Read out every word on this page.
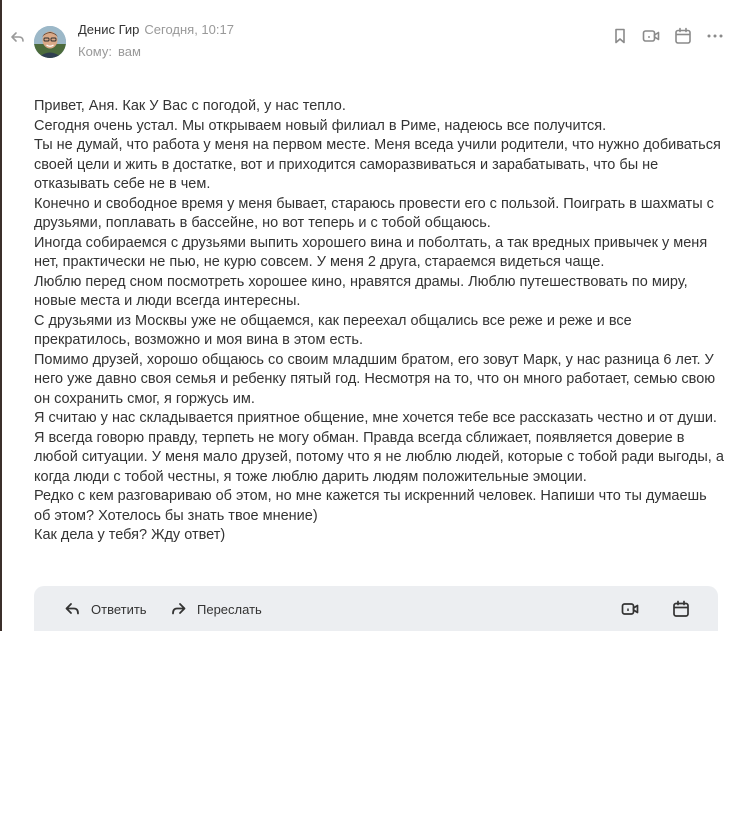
Денис Гир Сегодня, 10:17
Кому: вам

Привет, Аня. Как У Вас с погодой, у нас тепло.

Сегодня очень устал. Мы открываем новый филиал в Риме, надеюсь все получится.

Ты не думай, что работа у меня на первом месте. Меня вседа учили родители, что нужно добиваться своей цели и жить в достатке, вот и приходится саморазвиваться и зарабатывать, что бы не отказывать себе не в чем.

Конечно и свободное время у меня бывает, стараюсь провести его с пользой. Поиграть в шахматы с друзьями, поплавать в бассейне, но вот теперь и с тобой общаюсь.

Иногда собираемся с друзьями выпить хорошего вина и поболтать, а так вредных привычек у меня нет, практически не пью, не курю совсем. У меня 2 друга, стараемся видеться чаще.

Люблю перед сном посмотреть хорошее кино, нравятся драмы. Люблю путешествовать по миру, новые места и люди всегда интересны.

С друзьями из Москвы уже не общаемся, как переехал общались все реже и реже и все прекратилось, возможно и моя вина в этом есть.

Помимо друзей, хорошо общаюсь со своим младшим братом, его зовут Марк, у нас разница 6 лет. У него уже давно своя семья и ребенку пятый год. Несмотря на то, что он много работает, семью свою он сохранить смог, я горжусь им.

Я считаю у нас складывается приятное общение, мне хочется тебе все рассказать честно и от души. Я всегда говорю правду, терпеть не могу обман. Правда всегда сближает, появляется доверие в любой ситуации. У меня мало друзей, потому что я не люблю людей, которые с тобой ради выгоды, а когда люди с тобой честны, я тоже люблю дарить людям положительные эмоции.

Редко с кем разговариваю об этом, но мне кажется ты искренний человек. Напиши что ты думаешь об этом? Хотелось бы знать твое мнение)

Как дела у тебя? Жду ответ)

Ответить	Переслать
